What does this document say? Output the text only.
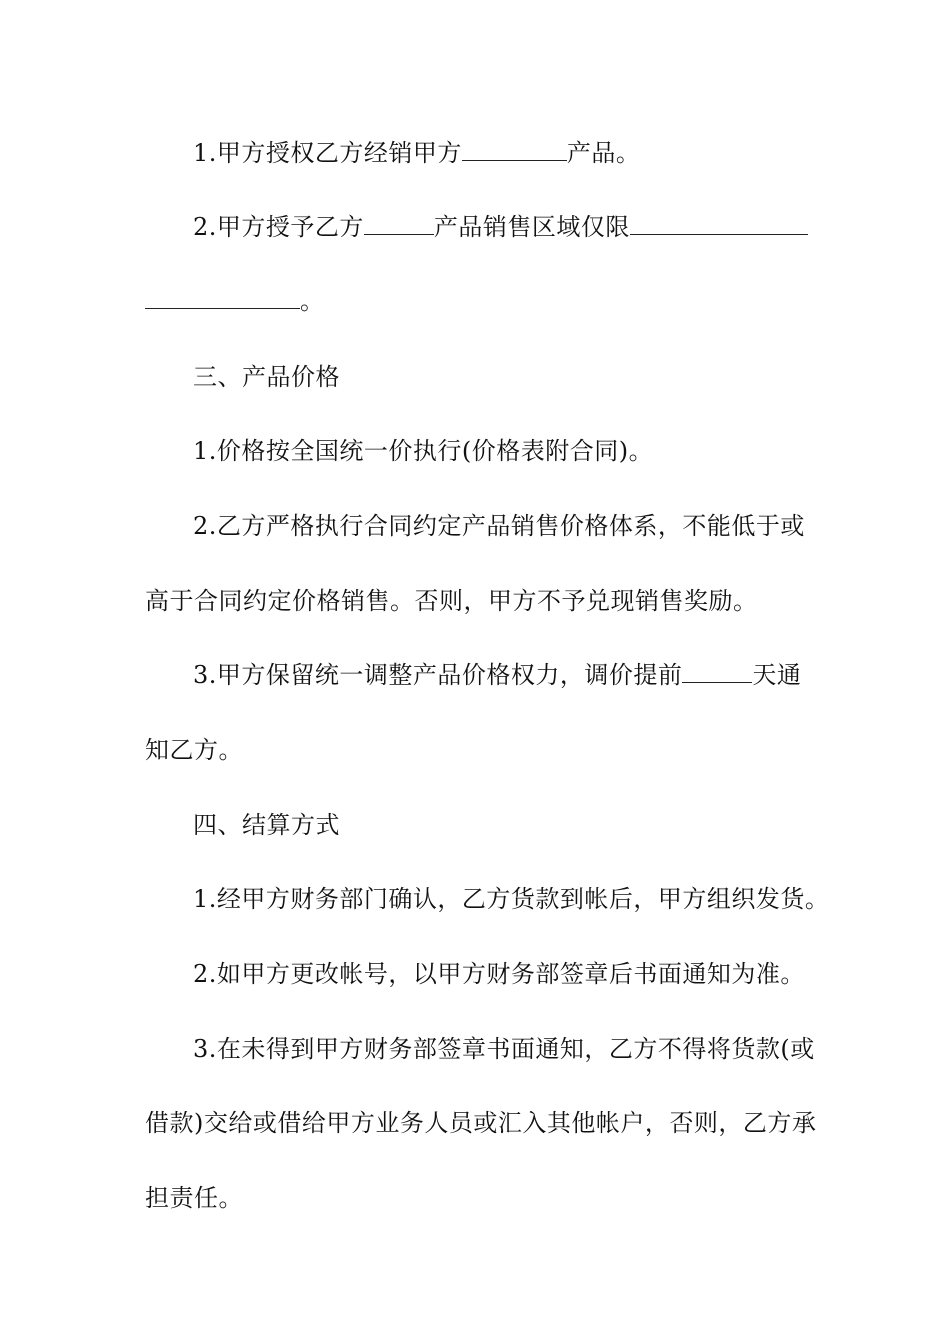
1.甲方授权乙方经销甲方	产品。
2.甲方授予乙方	产品销售区域仅限
。
三、产品价格
1.价格按全国统一价执行(价格表附合同)。
2.乙方严格执行合同约定产品销售价格体系，不能低于或
高于合同约定价格销售。否则，甲方不予兑现销售奖励。
3.甲方保留统一调整产品价格权力，调价提前	天通
知乙方。
四、结算方式
1.经甲方财务部门确认，乙方货款到帐后，甲方组织发货。
2.如甲方更改帐号，以甲方财务部签章后书面通知为准。
3.在未得到甲方财务部签章书面通知，乙方不得将货款(或
借款)交给或借给甲方业务人员或汇入其他帐户，否则，乙方承
担责任。
